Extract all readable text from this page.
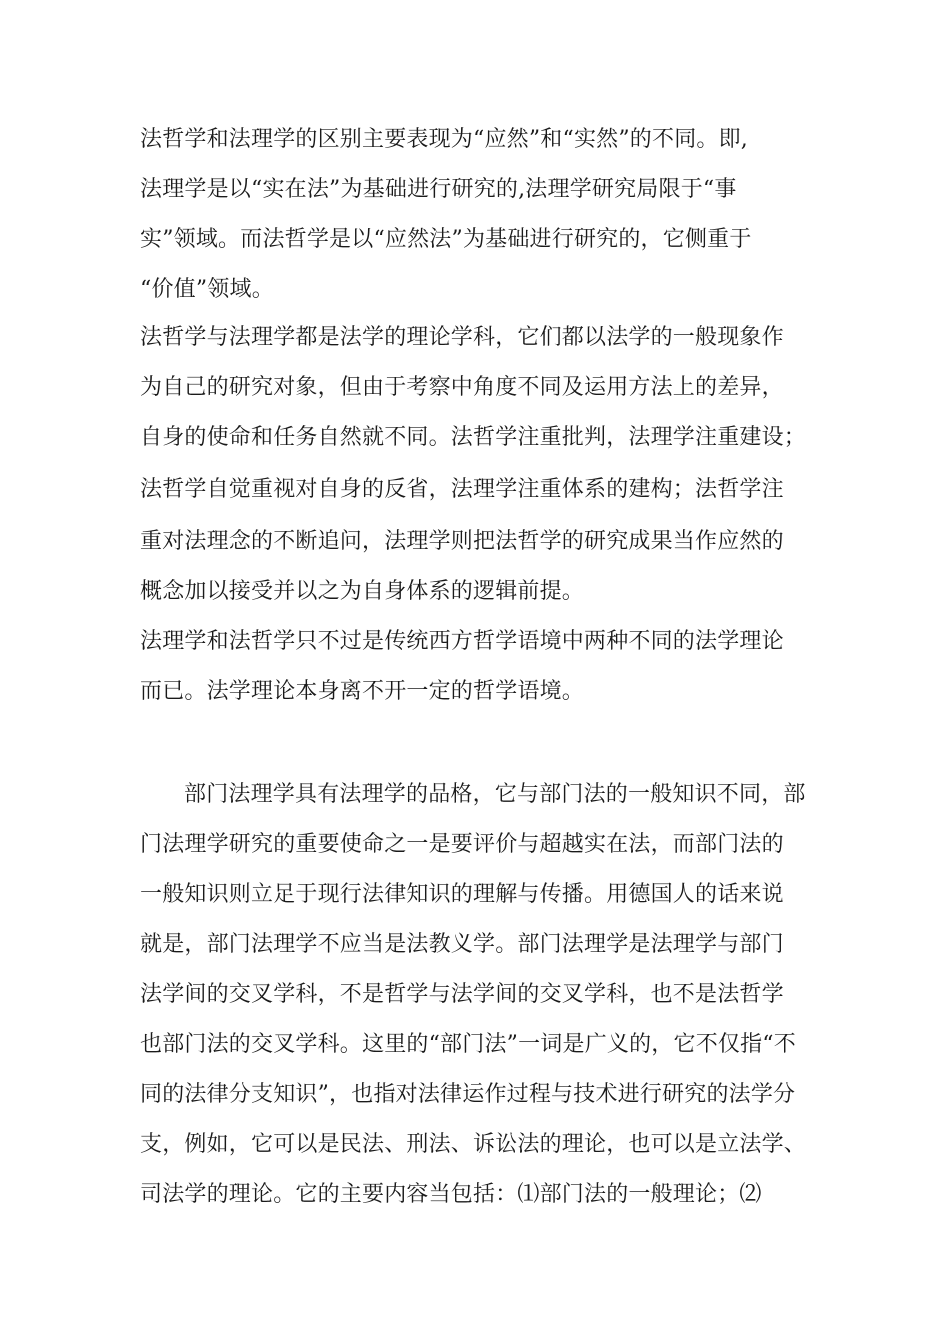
法哲学和法理学的区别主要表现为“应然”和“实然”的不同。即,
法理学是以“实在法”为基础进行研究的,法理学研究局限于“事
实”领域。而法哲学是以“应然法”为基础进行研究的，它侧重于
“价值”领域。
法哲学与法理学都是法学的理论学科，它们都以法学的一般现象作
为自己的研究对象，但由于考察中角度不同及运用方法上的差异，
自身的使命和任务自然就不同。法哲学注重批判，法理学注重建设；
法哲学自觉重视对自身的反省，法理学注重体系的建构；法哲学注
重对法理念的不断追问，法理学则把法哲学的研究成果当作应然的
概念加以接受并以之为自身体系的逻辑前提。
法理学和法哲学只不过是传统西方哲学语境中两种不同的法学理论
而已。法学理论本身离不开一定的哲学语境。
部门法理学具有法理学的品格，它与部门法的一般知识不同，部
门法理学研究的重要使命之一是要评价与超越实在法，而部门法的
一般知识则立足于现行法律知识的理解与传播。用德国人的话来说
就是，部门法理学不应当是法教义学。部门法理学是法理学与部门
法学间的交叉学科，不是哲学与法学间的交叉学科，也不是法哲学
也部门法的交叉学科。这里的“部门法”一词是广义的，它不仅指“不
同的法律分支知识”，也指对法律运作过程与技术进行研究的法学分
支，例如，它可以是民法、刑法、诉讼法的理论，也可以是立法学、
司法学的理论。它的主要内容当包括：⑴部门法的一般理论；⑵
